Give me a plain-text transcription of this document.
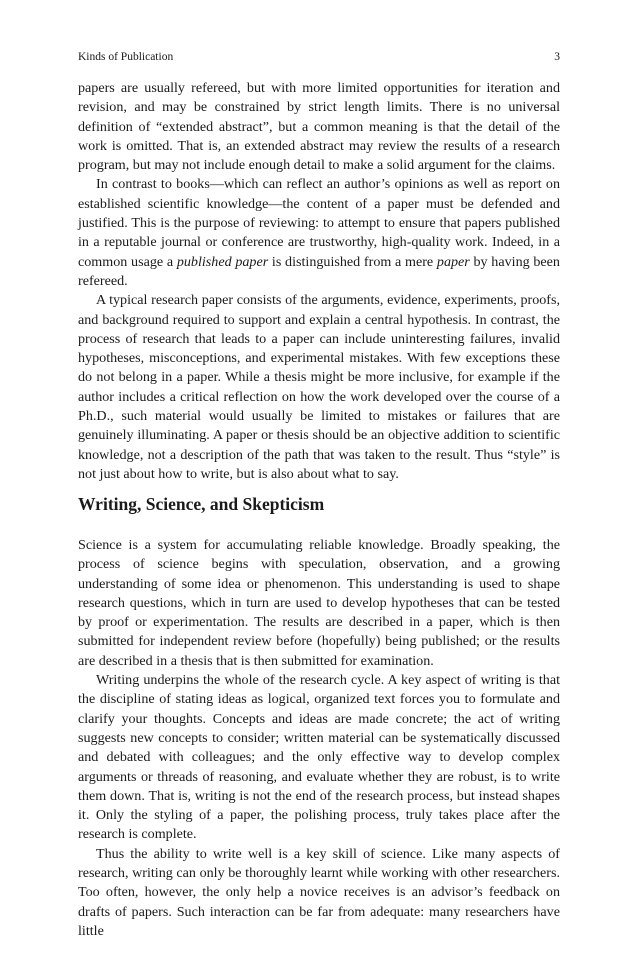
Kinds of Publication	3

papers are usually refereed, but with more limited opportunities for iteration and revision, and may be constrained by strict length limits. There is no universal definition of “extended abstract”, but a common meaning is that the detail of the work is omitted. That is, an extended abstract may review the results of a research program, but may not include enough detail to make a solid argument for the claims.

In contrast to books—which can reflect an author’s opinions as well as report on established scientific knowledge—the content of a paper must be defended and justified. This is the purpose of reviewing: to attempt to ensure that papers published in a reputable journal or conference are trustworthy, high-quality work. Indeed, in a common usage a published paper is distinguished from a mere paper by having been refereed.

A typical research paper consists of the arguments, evidence, experiments, proofs, and background required to support and explain a central hypothesis. In contrast, the process of research that leads to a paper can include uninteresting failures, invalid hypotheses, misconceptions, and experimental mistakes. With few exceptions these do not belong in a paper. While a thesis might be more inclusive, for example if the author includes a critical reflection on how the work developed over the course of a Ph.D., such material would usually be limited to mistakes or failures that are genuinely illuminating. A paper or thesis should be an objective addition to scientific knowledge, not a description of the path that was taken to the result. Thus “style” is not just about how to write, but is also about what to say.

Writing, Science, and Skepticism

Science is a system for accumulating reliable knowledge. Broadly speaking, the process of science begins with speculation, observation, and a growing understanding of some idea or phenomenon. This understanding is used to shape research questions, which in turn are used to develop hypotheses that can be tested by proof or experimentation. The results are described in a paper, which is then submitted for independent review before (hopefully) being published; or the results are described in a thesis that is then submitted for examination.

Writing underpins the whole of the research cycle. A key aspect of writing is that the discipline of stating ideas as logical, organized text forces you to formulate and clarify your thoughts. Concepts and ideas are made concrete; the act of writing suggests new concepts to consider; written material can be systematically discussed and debated with colleagues; and the only effective way to develop complex arguments or threads of reasoning, and evaluate whether they are robust, is to write them down. That is, writing is not the end of the research process, but instead shapes it. Only the styling of a paper, the polishing process, truly takes place after the research is complete.

Thus the ability to write well is a key skill of science. Like many aspects of research, writing can only be thoroughly learnt while working with other researchers. Too often, however, the only help a novice receives is an advisor’s feedback on drafts of papers. Such interaction can be far from adequate: many researchers have little
